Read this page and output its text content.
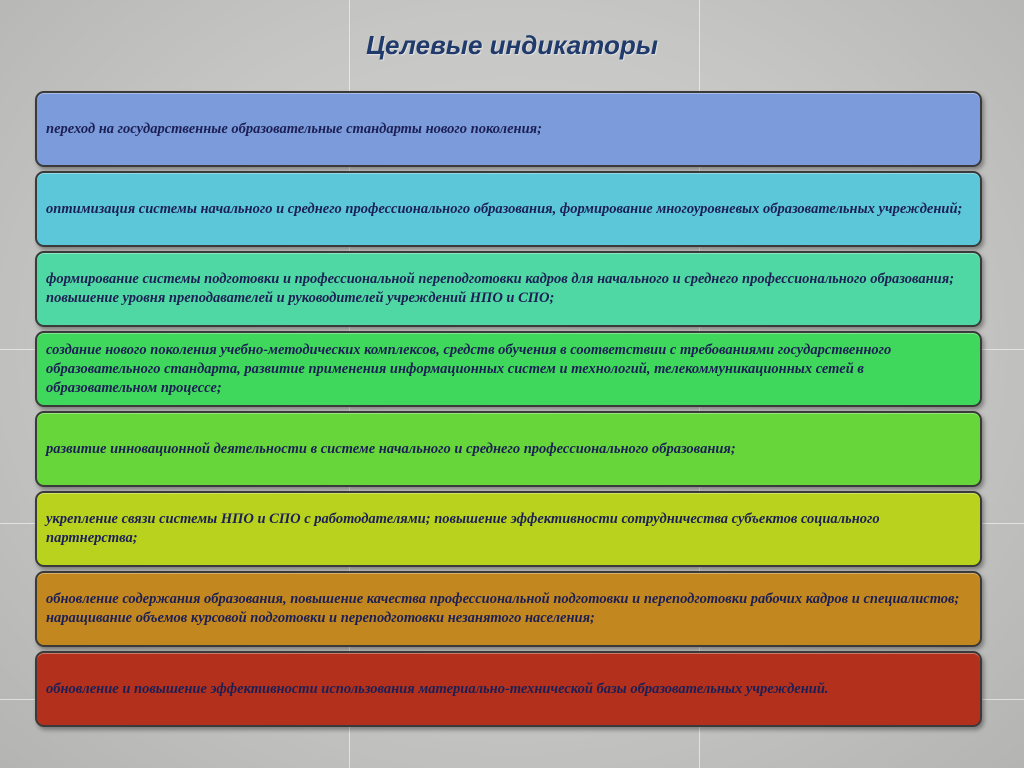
Целевые индикаторы
переход на государственные образовательные стандарты нового поколения;
оптимизация системы начального и среднего профессионального образования, формирование многоуровневых образовательных учреждений;
формирование системы подготовки и профессиональной переподготовки кадров для начального и среднего профессионального образования; повышение уровня преподавателей и руководителей учреждений НПО и СПО;
создание нового поколения учебно-методических комплексов, средств обучения в соответствии с требованиями государственного образовательного стандарта, развитие применения информационных систем и технологий, телекоммуникационных сетей в образовательном процессе;
развитие инновационной деятельности в системе начального и среднего профессионального образования;
укрепление связи системы НПО и СПО с работодателями; повышение эффективности сотрудничества субъектов социального партнерства;
обновление содержания образования, повышение качества профессиональной подготовки и переподготовки рабочих кадров и специалистов; наращивание объемов курсовой подготовки и переподготовки незанятого населения;
обновление и повышение эффективности использования материально-технической базы образовательных учреждений.
